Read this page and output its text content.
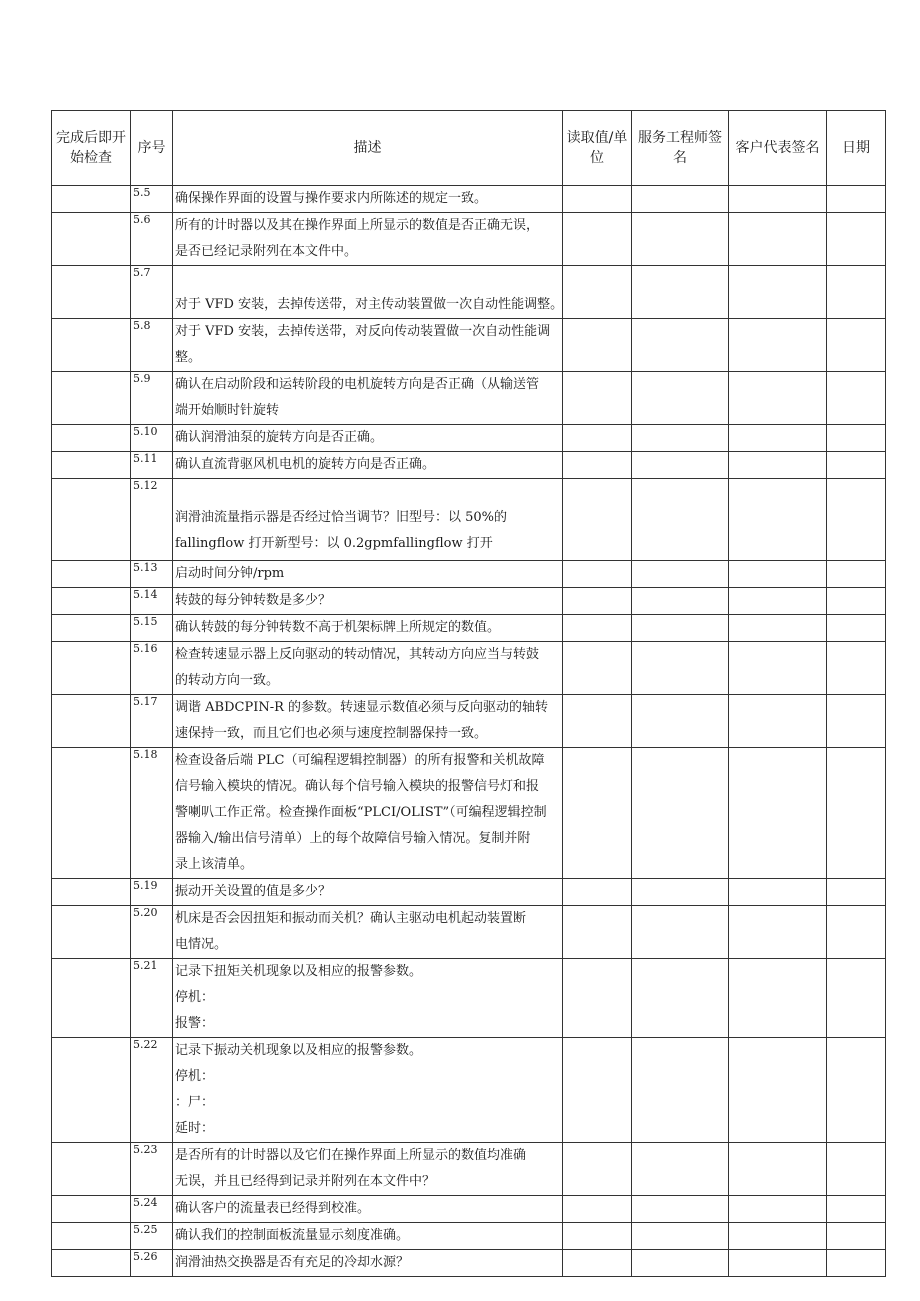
完成后即开始检查	序号	描述	读取值/单位	服务工程师签名	客户代表签名	日期
	5.5	确保操作界面的设置与操作要求内所陈述的规定一致。				

	5.6	所有的计时器以及其在操作界面上所显示的数值是否正确无误，
是否已经记录附列在本文件中。				

	5.7	对于 VFD 安装，去掉传送带，对主传动装置做一次自动性能调整。				

	5.8	对于 VFD 安装，去掉传送带，对反向传动装置做一次自动性能调
整。				

	5.9	确认在启动阶段和运转阶段的电机旋转方向是否正确（从输送管
端开始顺时针旋转				

	5.10	确认润滑油泵的旋转方向是否正确。				

	5.11	确认直流背驱风机电机的旋转方向是否正确。				

	5.12	润滑油流量指示器是否经过恰当调节？旧型号：以 50%的
fallingflow 打开新型号：以 0.2gpmfallingflow 打开				

	5.13	启动时间分钟/rpm				

	5.14	转鼓的每分钟转数是多少？				

	5.15	确认转鼓的每分钟转数不高于机架标牌上所规定的数值。				

	5.16	检查转速显示器上反向驱动的转动情况，其转动方向应当与转鼓
的转动方向一致。				

	5.17	调谐 ABDCPIN-R 的参数。转速显示数值必须与反向驱动的轴转
速保持一致，而且它们也必须与速度控制器保持一致。				

	5.18	检查设备后端 PLC（可编程逻辑控制器）的所有报警和关机故障
信号输入模块的情况。确认每个信号输入模块的报警信号灯和报
警喇叭工作正常。检查操作面板“PLCI/OLIST”（可编程逻辑控制
器输入/输出信号清单）上的每个故障信号输入情况。复制并附
录上该清单。				

	5.19	振动开关设置的值是多少？				

	5.20	机床是否会因扭矩和振动而关机？确认主驱动电机起动装置断
电情况。				

	5.21	记录下扭矩关机现象以及相应的报警参数。
停机：
报警：				

	5.22	记录下振动关机现象以及相应的报警参数。
停机：
：尸：
延时：				

	5.23	是否所有的计时器以及它们在操作界面上所显示的数值均准确
无误，并且已经得到记录并附列在本文件中？				

	5.24	确认客户的流量表已经得到校准。				

	5.25	确认我们的控制面板流量显示刻度准确。				

	5.26	润滑油热交换器是否有充足的冷却水源？				
